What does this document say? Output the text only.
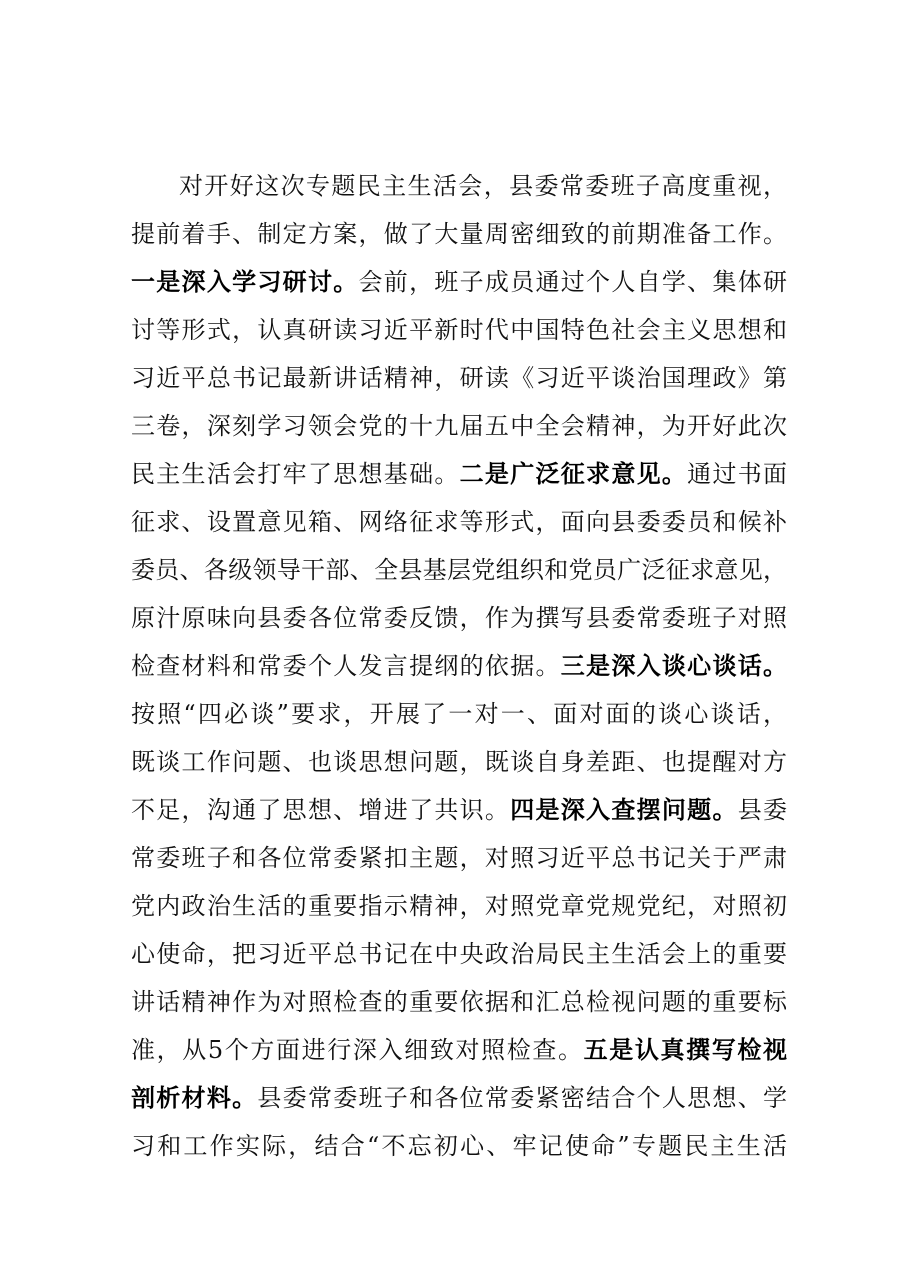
对开好这次专题民主生活会，县委常委班子高度重视，
提前着手、制定方案，做了大量周密细致的前期准备工作。
一是深入学习研讨。会前，班子成员通过个人自学、集体研
讨等形式，认真研读习近平新时代中国特色社会主义思想和
习近平总书记最新讲话精神，研读《习近平谈治国理政》第
三卷，深刻学习领会党的十九届五中全会精神，为开好此次
民主生活会打牢了思想基础。二是广泛征求意见。通过书面
征求、设置意见箱、网络征求等形式，面向县委委员和候补
委员、各级领导干部、全县基层党组织和党员广泛征求意见，
原汁原味向县委各位常委反馈，作为撰写县委常委班子对照
检查材料和常委个人发言提纲的依据。三是深入谈心谈话。
按照“四必谈”要求，开展了一对一、面对面的谈心谈话，
既谈工作问题、也谈思想问题，既谈自身差距、也提醒对方
不足，沟通了思想、增进了共识。四是深入查摆问题。县委
常委班子和各位常委紧扣主题，对照习近平总书记关于严肃
党内政治生活的重要指示精神，对照党章党规党纪，对照初
心使命，把习近平总书记在中央政治局民主生活会上的重要
讲话精神作为对照检查的重要依据和汇总检视问题的重要标
准，从5个方面进行深入细致对照检查。五是认真撰写检视
剖析材料。县委常委班子和各位常委紧密结合个人思想、学
习和工作实际，结合“不忘初心、牢记使命”专题民主生活
